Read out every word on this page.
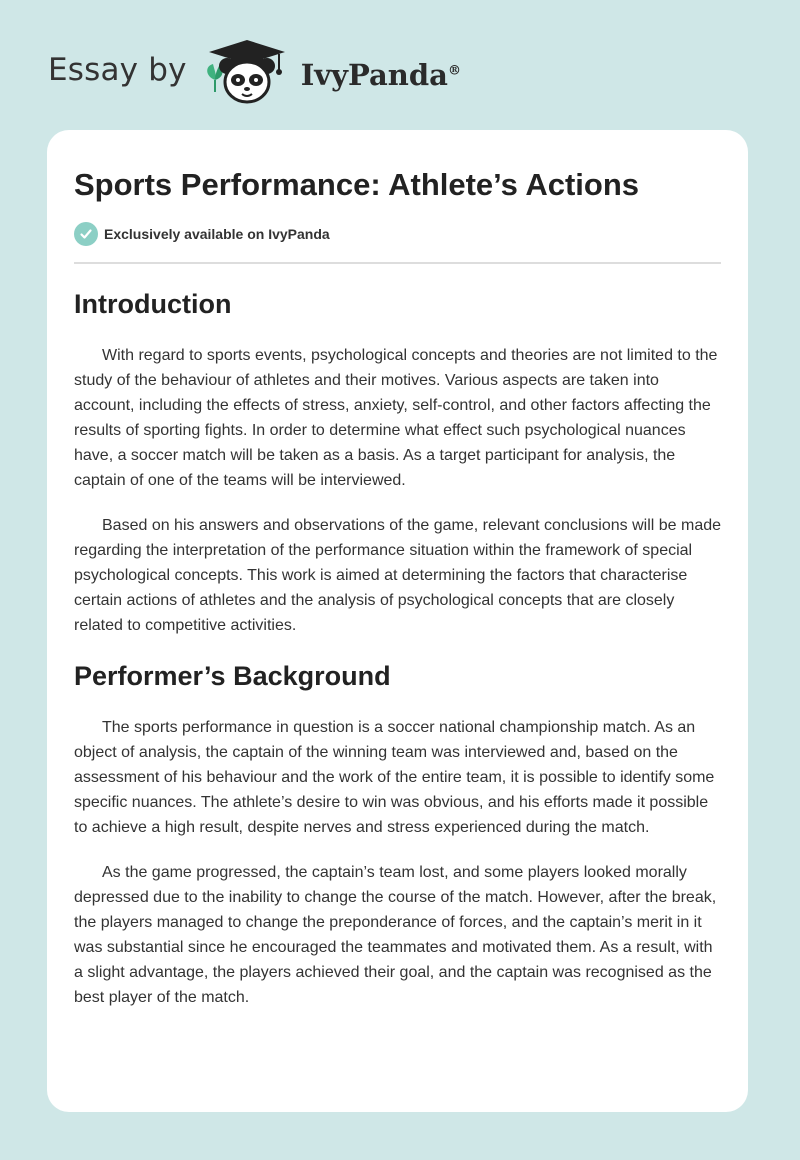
Essay by	IvyPanda®
Sports Performance: Athlete’s Actions
Exclusively available on IvyPanda
Introduction

With regard to sports events, psychological concepts and theories are not limited to the study of the behaviour of athletes and their motives. Various aspects are taken into account, including the effects of stress, anxiety, self-control, and other factors affecting the results of sporting fights. In order to determine what effect such psychological nuances have, a soccer match will be taken as a basis. As a target participant for analysis, the captain of one of the teams will be interviewed.

Based on his answers and observations of the game, relevant conclusions will be made regarding the interpretation of the performance situation within the framework of special psychological concepts. This work is aimed at determining the factors that characterise certain actions of athletes and the analysis of psychological concepts that are closely related to competitive activities.

Performer’s Background

The sports performance in question is a soccer national championship match. As an object of analysis, the captain of the winning team was interviewed and, based on the assessment of his behaviour and the work of the entire team, it is possible to identify some specific nuances. The athlete’s desire to win was obvious, and his efforts made it possible to achieve a high result, despite nerves and stress experienced during the match.

As the game progressed, the captain’s team lost, and some players looked morally depressed due to the inability to change the course of the match. However, after the break, the players managed to change the preponderance of forces, and the captain’s merit in it was substantial since he encouraged the teammates and motivated them. As a result, with a slight advantage, the players achieved their goal, and the captain was recognised as the best player of the match.
